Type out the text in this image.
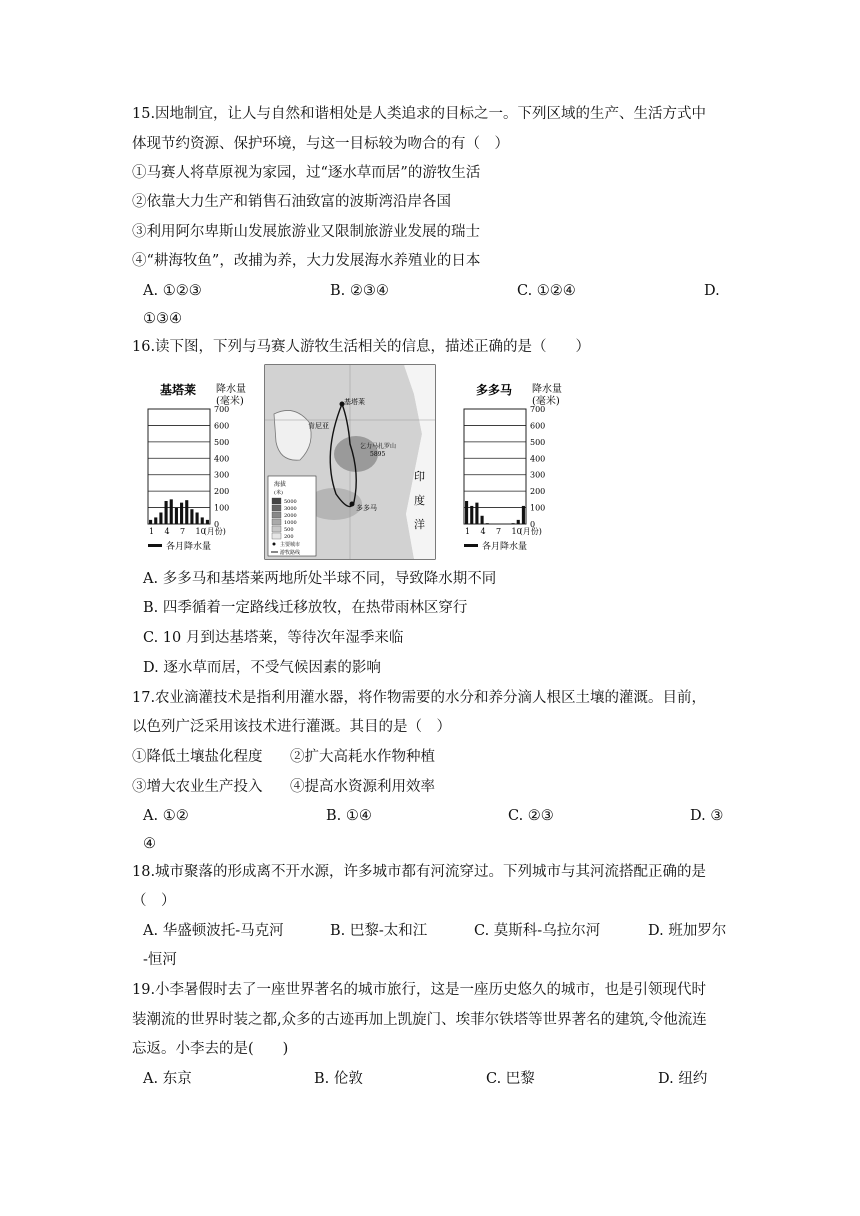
15.因地制宜，让人与自然和谐相处是人类追求的目标之一。下列区域的生产、生活方式中
体现节约资源、保护环境，与这一目标较为吻合的有（　）
①马赛人将草原视为家园，过“逐水草而居”的游牧生活
②依靠大力生产和销售石油致富的波斯湾沿岸各国
③利用阿尔卑斯山发展旅游业又限制旅游业发展的瑞士
④“耕海牧鱼”，改捕为养，大力发展海水养殖业的日本
A. ①②③	B. ②③④	C. ①②④	D.
①③④
16.读下图，下列与马赛人游牧生活相关的信息，描述正确的是（　　）
基塔莱 降水量
(毫米)
700
600
500
400
300
200
100
0
1 4 7 10
(月份)
各月降水量
基塔莱
肯尼亚
乞力马扎罗山
5895
多多马
印
度
洋
海拔
(米)
5000
3000
2000
1000
500
200
主要城市
游牧路线
多多马 降水量
(毫米)
700
600
500
400
300
200
100
0
1 4 7 10
(月份)
各月降水量
A. 多多马和基塔莱两地所处半球不同，导致降水期不同
B. 四季循着一定路线迁移放牧，在热带雨林区穿行
C. 10 月到达基塔莱，等待次年湿季来临
D. 逐水草而居，不受气候因素的影响
17.农业滴灌技术是指利用灌水器，将作物需要的水分和养分滴人根区土壤的灌溉。目前，
以色列广泛采用该技术进行灌溉。其目的是（　）
①降低土壤盐化程度 ②扩大高耗水作物种植
③增大农业生产投入 ④提高水资源利用效率
A. ①②	B. ①④	C. ②③	D. ③
④
18.城市聚落的形成离不开水源，许多城市都有河流穿过。下列城市与其河流搭配正确的是
（　）
A. 华盛顿波托-马克河	B. 巴黎-太和江	C. 莫斯科-乌拉尔河	D. 班加罗尔
-恒河
19.小李暑假时去了一座世界著名的城市旅行，这是一座历史悠久的城市，也是引领现代时
装潮流的世界时装之都,众多的古迹再加上凯旋门、埃菲尔铁塔等世界著名的建筑,令他流连
忘返。小李去的是(　　)
A. 东京	B. 伦敦	C. 巴黎	D. 纽约
